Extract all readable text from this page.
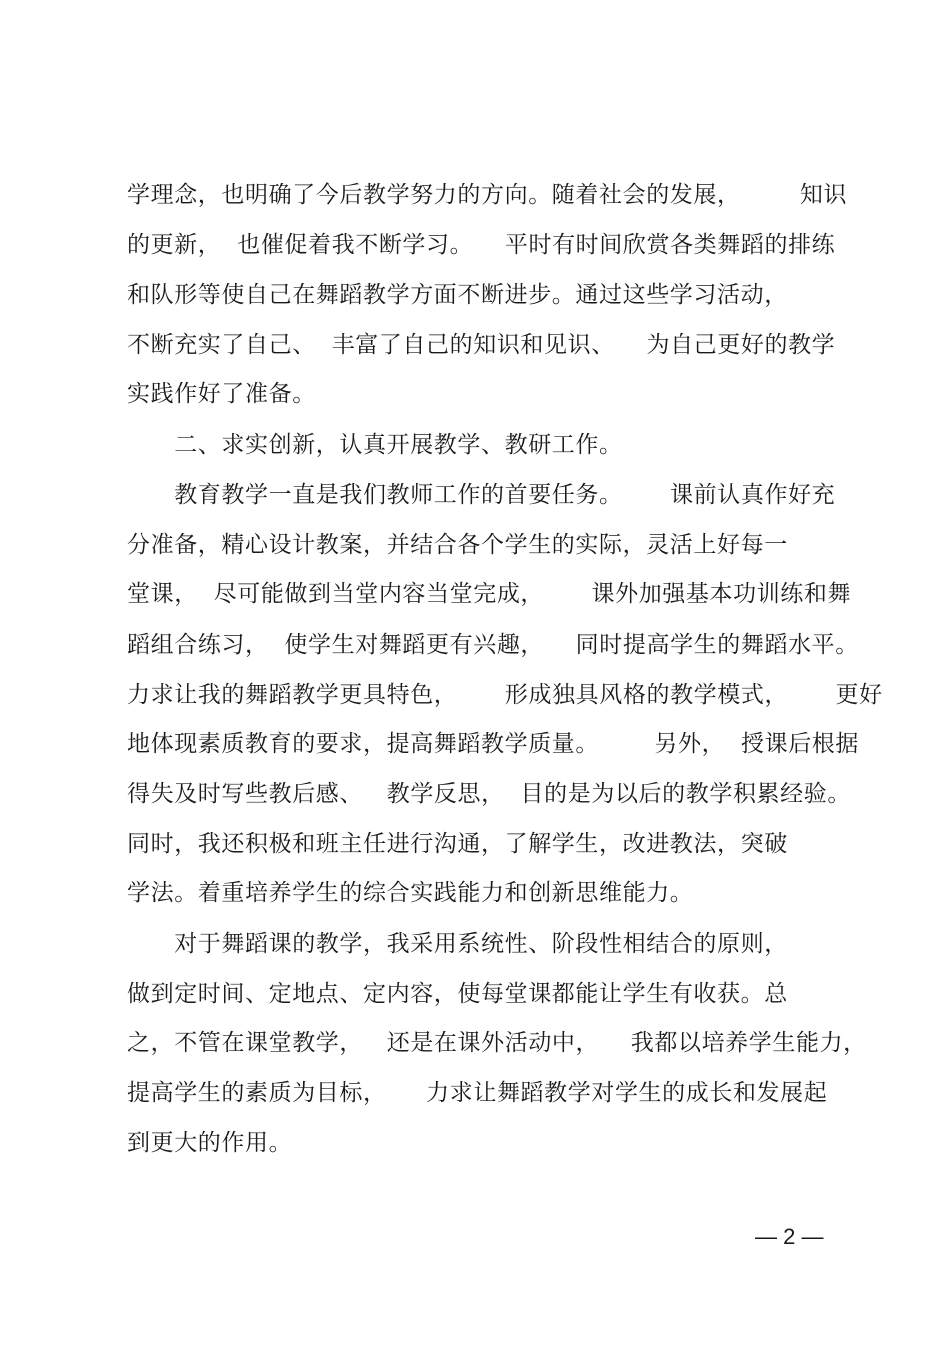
学理念，也明确了今后教学努力的方向。随着社会的发展，　　　知识
的更新，  也催促着我不断学习。    平时有时间欣赏各类舞蹈的排练
和队形等使自己在舞蹈教学方面不断进步。通过这些学习活动，
不断充实了自己、  丰富了自己的知识和见识、    为自己更好的教学
实践作好了准备。
　　二、求实创新，认真开展教学、教研工作。
　　教育教学一直是我们教师工作的首要任务。      课前认真作好充
分准备，精心设计教案，并结合各个学生的实际，灵活上好每一
堂课，  尽可能做到当堂内容当堂完成，      课外加强基本功训练和舞
蹈组合练习，  使学生对舞蹈更有兴趣，    同时提高学生的舞蹈水平。
力求让我的舞蹈教学更具特色，      形成独具风格的教学模式，      更好
地体现素质教育的要求，提高舞蹈教学质量。       另外，  授课后根据
得失及时写些教后感、   教学反思，  目的是为以后的教学积累经验。
同时，我还积极和班主任进行沟通，了解学生，改进教法，突破
学法。着重培养学生的综合实践能力和创新思维能力。
　　对于舞蹈课的教学，我采用系统性、阶段性相结合的原则，
做到定时间、定地点、定内容，使每堂课都能让学生有收获。总
之，不管在课堂教学，   还是在课外活动中，    我都以培养学生能力，
提高学生的素质为目标，     力求让舞蹈教学对学生的成长和发展起
到更大的作用。
— 2 —
